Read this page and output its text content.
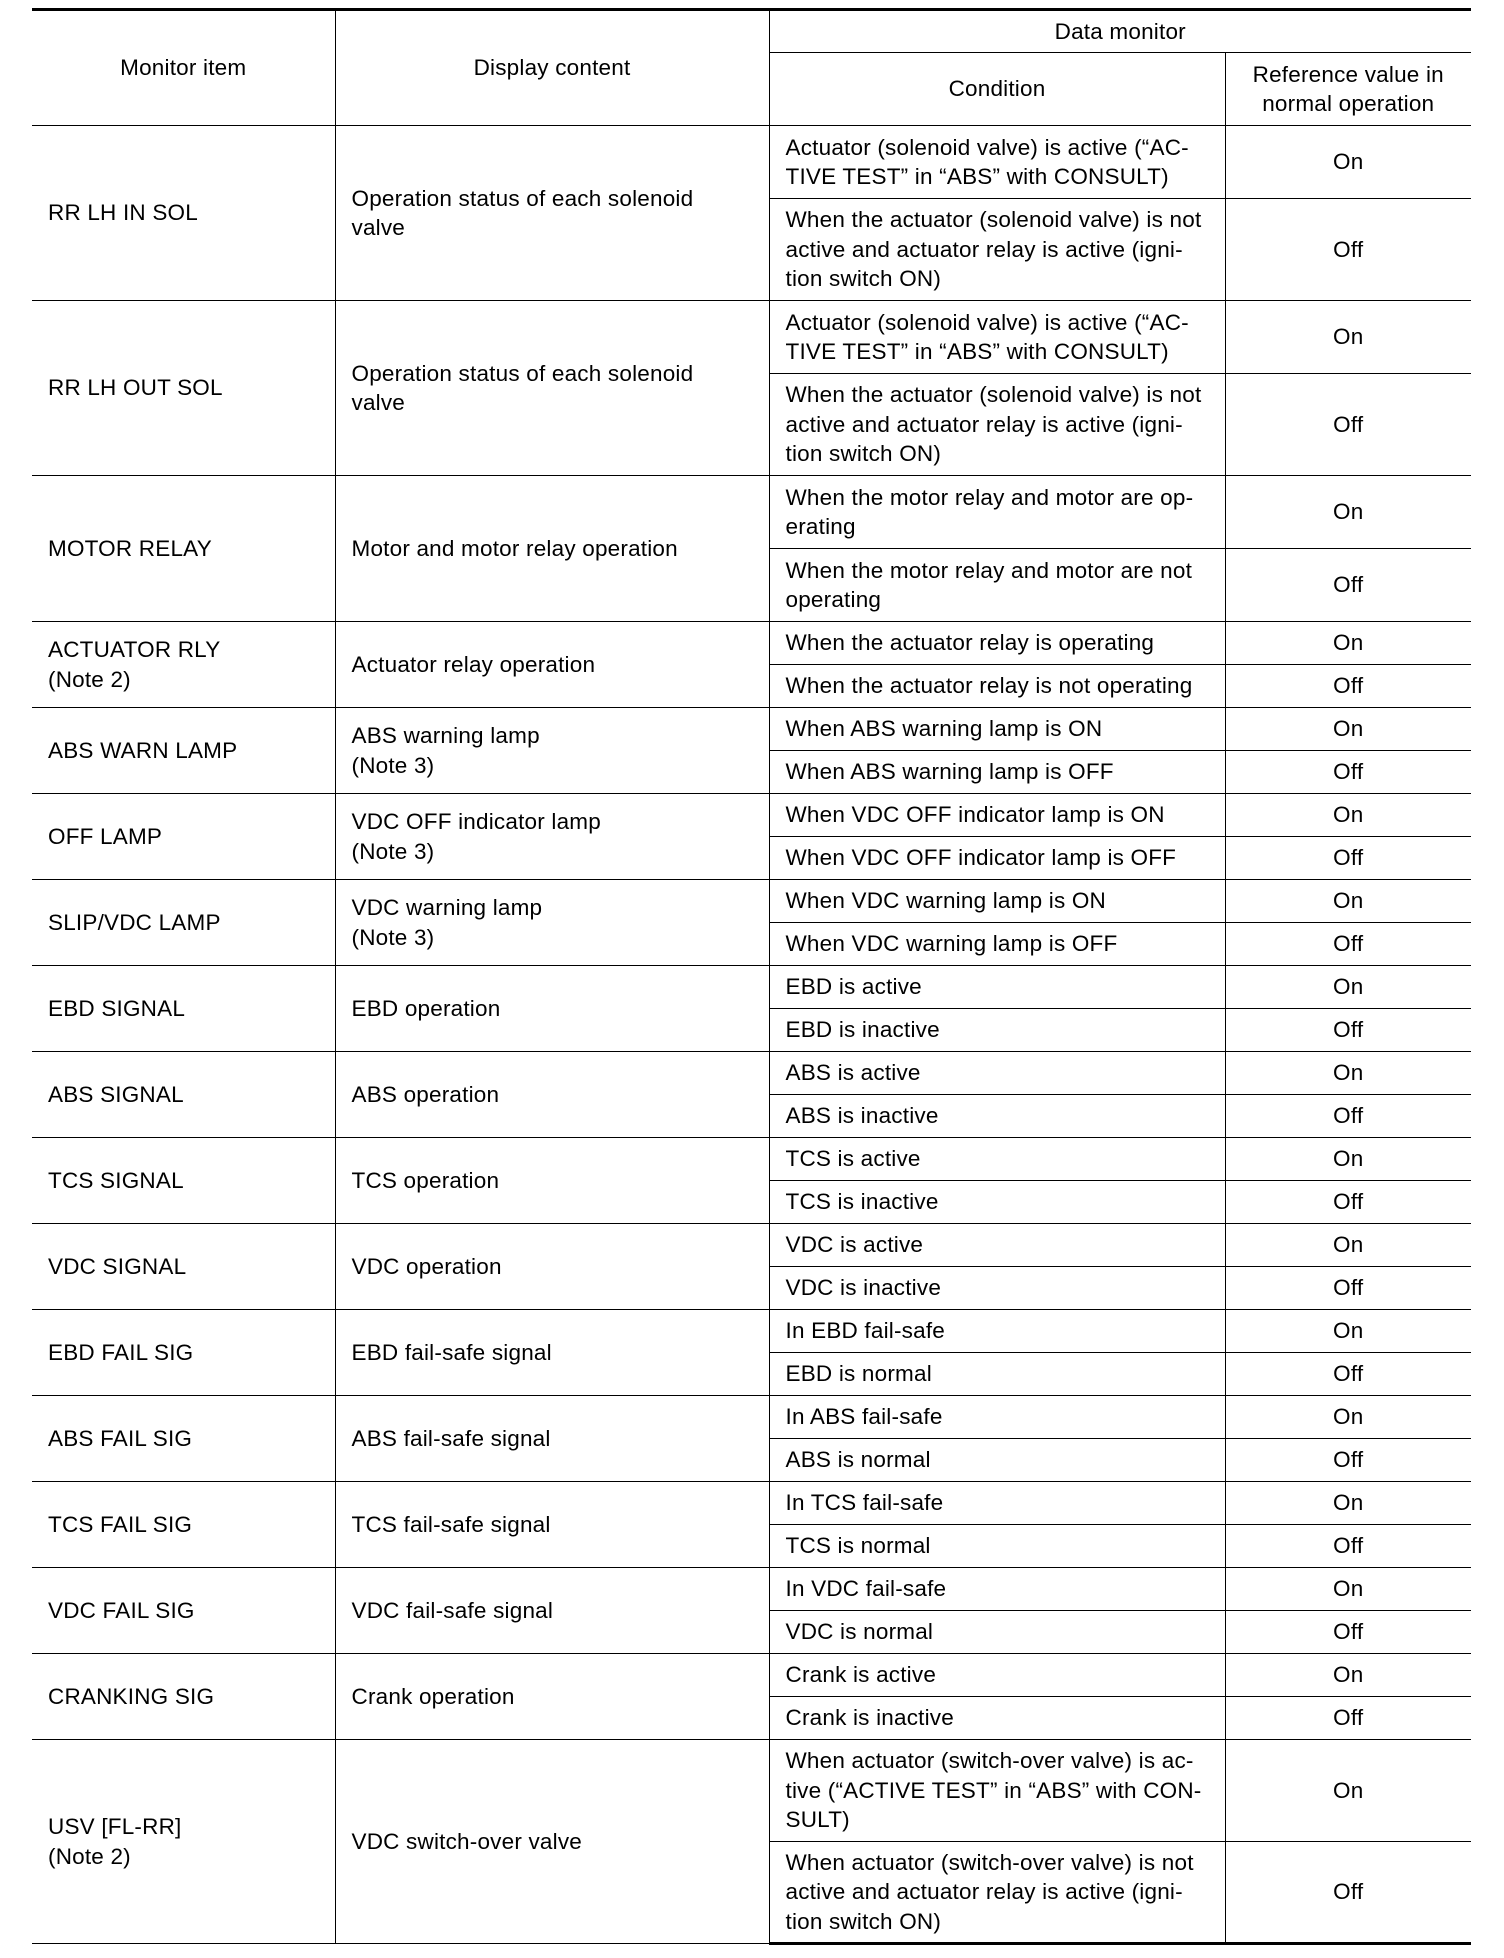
Monitor item	Display content	Data monitor	
		Condition	Reference value in
normal operation
RR LH IN SOL	Operation status of each solenoid
valve	Actuator (solenoid valve) is active (“AC-
TIVE TEST” in “ABS” with CONSULT)	On
		When the actuator (solenoid valve) is not
active and actuator relay is active (igni-
tion switch ON)	Off
RR LH OUT SOL	Operation status of each solenoid
valve	Actuator (solenoid valve) is active (“AC-
TIVE TEST” in “ABS” with CONSULT)	On
		When the actuator (solenoid valve) is not
active and actuator relay is active (igni-
tion switch ON)	Off
MOTOR RELAY	Motor and motor relay operation	When the motor relay and motor are op-
erating	On
		When the motor relay and motor are not
operating	Off
ACTUATOR RLY
(Note 2)	Actuator relay operation	When the actuator relay is operating	On
		When the actuator relay is not operating	Off
ABS WARN LAMP	ABS warning lamp
(Note 3)	When ABS warning lamp is ON	On
		When ABS warning lamp is OFF	Off
OFF LAMP	VDC OFF indicator lamp
(Note 3)	When VDC OFF indicator lamp is ON	On
		When VDC OFF indicator lamp is OFF	Off
SLIP/VDC LAMP	VDC warning lamp
(Note 3)	When VDC warning lamp is ON	On
		When VDC warning lamp is OFF	Off
EBD SIGNAL	EBD operation	EBD is active	On
		EBD is inactive	Off
ABS SIGNAL	ABS operation	ABS is active	On
		ABS is inactive	Off
TCS SIGNAL	TCS operation	TCS is active	On
		TCS is inactive	Off
VDC SIGNAL	VDC operation	VDC is active	On
		VDC is inactive	Off
EBD FAIL SIG	EBD fail-safe signal	In EBD fail-safe	On
		EBD is normal	Off
ABS FAIL SIG	ABS fail-safe signal	In ABS fail-safe	On
		ABS is normal	Off
TCS FAIL SIG	TCS fail-safe signal	In TCS fail-safe	On
		TCS is normal	Off
VDC FAIL SIG	VDC fail-safe signal	In VDC fail-safe	On
		VDC is normal	Off
CRANKING SIG	Crank operation	Crank is active	On
		Crank is inactive	Off
USV [FL-RR]
(Note 2)	VDC switch-over valve	When actuator (switch-over valve) is ac-
tive (“ACTIVE TEST” in “ABS” with CON-
SULT)	On
		When actuator (switch-over valve) is not
active and actuator relay is active (igni-
tion switch ON)	Off
